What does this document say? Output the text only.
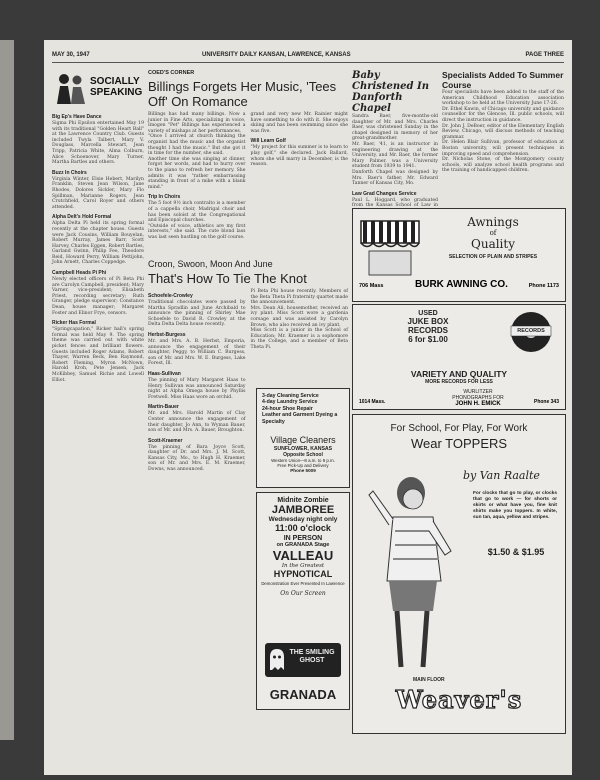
MAY 30, 1947	UNIVERSITY DAILY KANSAN, LAWRENCE, KANSAS	PAGE THREE
SOCIALLY SPEAKING
Big Ep's Have Dance
Sigma Phi Epsilon entertained May 19 with its traditional "Golden Heart Ball" at the Lawrence Country Club. Guests included Twyla Talbert, Mary V. Douglass, Marcella Stewart, Jean Tripp, Patricia White, Alma Colburn, Alice Schoenover, Mary Turner, Martha Bartles and others.
Buzz In Choirs
Virginia Winter, Elsie Hebert, Marilyn Franklin, Steven Jean Wilson, Jane Rhodes, Dolores Sickler, Mary Flo Spillman, Marianne Rogers, Jean Crutchfield, Carol Royer and others attended.
Alpha Delt's Hold Formal
Alpha Delta Pi held its spring formal recently at the chapter house. Guests were Jack Cousins, William Bouyelan, Robert Murray, James Barr, Scott Harvey, Charles Eggen, Robert Bartles, Garland Gwinn, Philip Fee, Theodore Reid, Howard Perry, William Pettijohn, John Arnett, Charles Coppedge.
Campbell Heads Pi Phi
Newly elected officers of Pi Beta Phi are Carolyn Campbell, president; Mary Varner, vice-president; Elisabeth Priest, recording secretary; Ruth Granger, pledge supervisor; Constance Dean, house manager; Margaret Foster and Elinor Frye, censors.
Ricker Has Formal
"Springcapation," Ricker hall's spring formal was held May 9. The spring theme was carried out with white picket fences and brilliant flowers. Guests included Roger Adams, Robert Thayer, Warren Beck, Ben Raymond, Robert Fleming, Myron McNown, Harold Kroh, Pete Jensen, Jack McKibbey, Samuel Richie and Lowell Elliot.
COED'S CORNER
Billings Forgets Her Music, 'Tees Off' On Romance
Billings has had many billings. Now a junior in Fine Arts, specializing in voice, Imogen "Pet" Billings has experienced a variety of mishaps at her performances.
"Once I arrived at church thinking the organist had the music and the organist thought I had the music." But she got it in time for the number, she said.
Another time she was singing at dinner, forgot her words, and had to hurry over to the piano to refresh her memory. She admits it was "rather embarrassing standing in front of a mike with a blank mind."
Trip In Choirs
The 5 foot 9½ inch contralto is a member of a cappella choir, Madrigal choir and has been soloist at the Congregational and Episcopal churches.
"Outside of voice, athletics are my first interests," she said. The cute blond lass was last seen hustling on the golf course.
grand and very new Mr. Rainier might have something to do with it. She enjoys skiing and has been swimming since she was five.
Will Learn Golf
"My project for this summer is to learn to play golf," she declared. Jack Ballard, whom she will marry in December, is the reason.
Croon, Swoon, Moon And June
That's How To Tie The Knot
Schoefele-Crowley
Traditional chocolates were passed by Martha Spradlin and June Archibald to announce the pinning of Shirley Mae Schoefele to David R. Crowley at the Delta Delta Delta house recently.
Herbst-Burgess
Mr. and Mrs. A. B. Herbst, Emporia, announce the engagement of their daughter, Peggy, to William C. Burgess, son of Mr. and Mrs. W. E. Burgess, Lake Forest, Ill.
Haas-Sullivan
The pinning of Mary Margaret Haas to Henry Sullivan was announced Saturday night at Alpha Omega house by Phyllis Fretwell. Miss Haas wore an orchid.
Martin-Bauer
Mr. and Mrs. Harold Martin of Clay Center announce the engagement of their daughter, Jo Ann, to Wyman Bauer, son of Mr. and Mrs. A. Bauer, Broughton.
Scott-Kraemer
The pinning of Bara Joyce Scott, daughter of Dr. and Mrs. J. M. Scott, Kansas City, Mo., to Hugh H. Kraemer, son of Mr. and Mrs. E. M. Kraemer, Downs, was announced.
Pi Beta Phi house recently. Members of the Beta Theta Pi fraternity quartet made the announcement.
Mrs. Dean Ali, housemother, received an ivy plant. Miss Scott wore a gardenia corsage and was assisted by Carolyn Brown, who also received an ivy plant.
Miss Scott is a junior in the School of Education; Mr. Kraemer is a sophomore in the College, and a member of Beta Theta Pi.
Baby Christened In Danforth Chapel
Sandra Baer, five-months-old daughter of Mr. and Mrs. Charles Baer, was christened Sunday in the chapel designed in memory of her great-grandmother.
Mr. Baer, '41, is an instructor in engineering drawing at the University, and Mr. Baer, the former Mary Palmer, was a University student from 1939 to 1941.
Danforth Chapel was designed by Mrs. Baer's father, Mr. Edward Tanner of Kansas City, Mo.
Law Grad Changes Service
Paul L. Hoggard, who graduated from the Kansas School of Law in
Specialists Added To Summer Course
Four specialists have been added to the staff of the American Childhood Education association workshop to be held at the University June 17-26.
Dr. Ethel Kawin, of Chicago university and guidance counsellor for the Glencoe, Ill. public schools, will direct the instruction in guidance.
Dr. John J. DeBoer, editor of the Elementary English Review, Chicago, will discuss methods of teaching grammar.
Dr. Helen Blair Sullivan, professor of education at Boston university, will present techniques in improving speed and comprehension.
Dr. Nicholas Stone, of the Montgomery county schools, will analyze school health programs and the training of handicapped children.
Awnings
of
Quality
SELECTION OF PLAIN AND STRIPES
706 Mass	BURK AWNING CO.	Phone 1173
USED
JUKE BOX
RECORDS
6 for $1.00
RECORDS
VARIETY AND QUALITY
MORE RECORDS FOR LESS
WURLITZER
PHONOGRAPHS FOR
1014 Mass.	JOHN H. EMICK	Phone 343
3-day Cleaning Service
4-day Laundry Service
24-hour Shoe Repair
Leather and Garment Dyeing a Specialty
Village Cleaners
SUNFLOWER, KANSAS
Opposite School
Western Union—8 a.m. to 9 p.m.
Free Pick-Up and Delivery
Phone 5009
Midnite Zombie
JAMBOREE
Wednesday night only
11:00 o'clock
IN PERSON
on GRANADA Stage
VALLEAU
In the Greatest
HYPNOTICAL
Demonstration Ever Presented In Lawrence
On Our Screen
THE SMILING GHOST
GRANADA
For School, For Play, For Work
Wear TOPPERS
by Van Raalte
For clocks that go to play, or clocks that go to work — for shorts or skirts or what have you, fine knit shirts make you toppers. In white, sun tan, aqua, yellow and stripes.
$1.50 & $1.95
MAIN FLOOR
Weaver's
